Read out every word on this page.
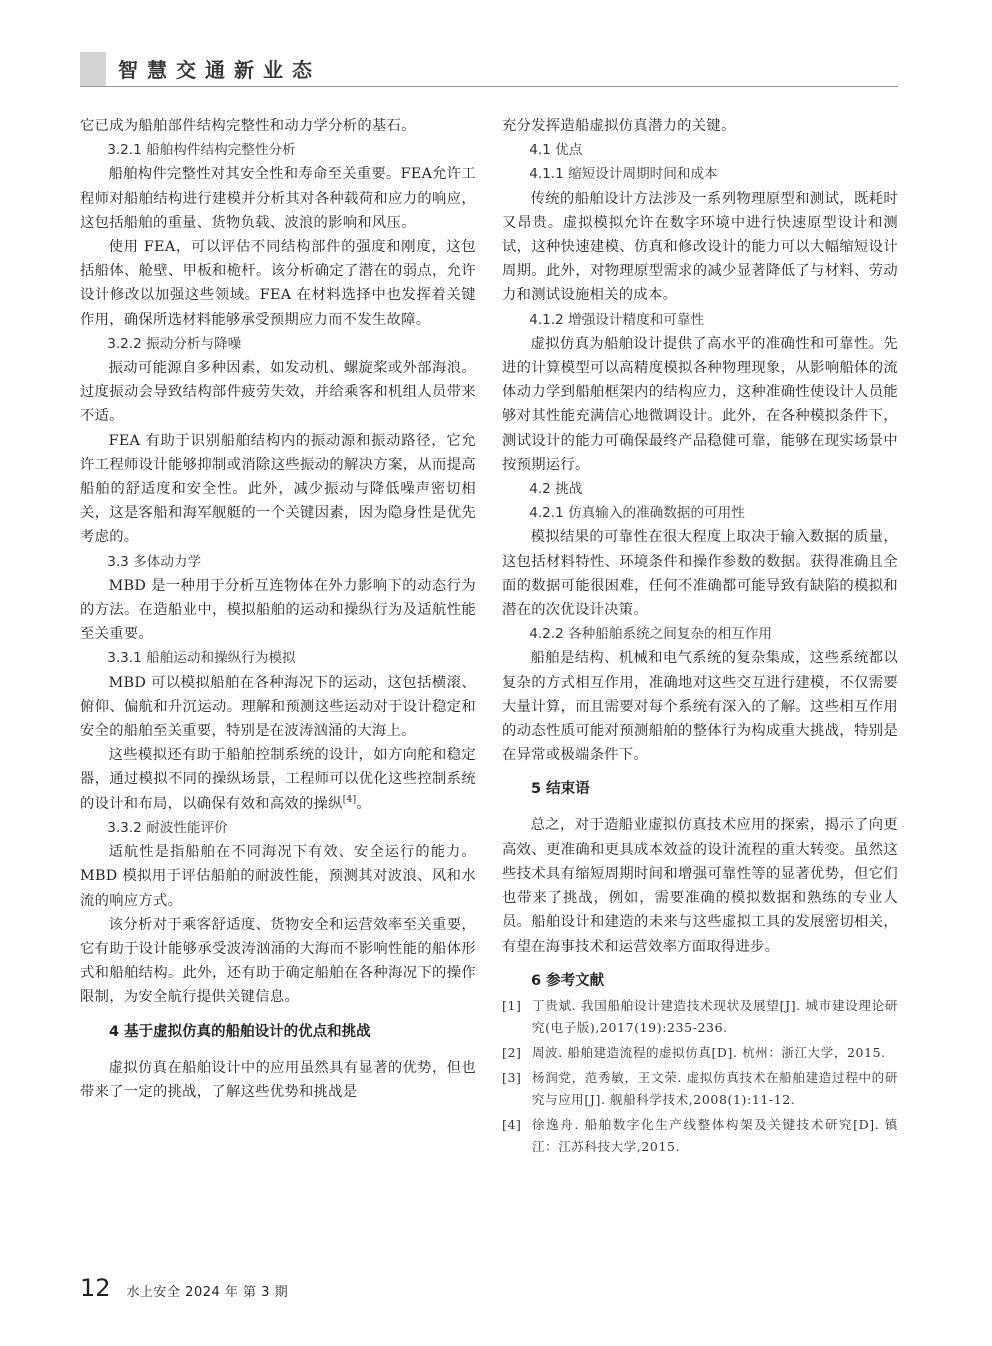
智慧交通新业态

它已成为船舶部件结构完整性和动力学分析的基石。

3.2.1 船舶构件结构完整性分析

船舶构件完整性对其安全性和寿命至关重要。FEA允许工程师对船舶结构进行建模并分析其对各种载荷和应力的响应，这包括船舶的重量、货物负载、波浪的影响和风压。

使用 FEA，可以评估不同结构部件的强度和刚度，这包括船体、舱壁、甲板和桅杆。该分析确定了潜在的弱点，允许设计修改以加强这些领域。FEA 在材料选择中也发挥着关键作用，确保所选材料能够承受预期应力而不发生故障。

3.2.2 振动分析与降噪

振动可能源自多种因素，如发动机、螺旋桨或外部海浪。过度振动会导致结构部件疲劳失效，并给乘客和机组人员带来不适。

FEA 有助于识别船舶结构内的振动源和振动路径，它允许工程师设计能够抑制或消除这些振动的解决方案，从而提高船舶的舒适度和安全性。此外，减少振动与降低噪声密切相关，这是客船和海军舰艇的一个关键因素，因为隐身性是优先考虑的。

3.3 多体动力学

MBD 是一种用于分析互连物体在外力影响下的动态行为的方法。在造船业中，模拟船舶的运动和操纵行为及适航性能至关重要。

3.3.1 船舶运动和操纵行为模拟

MBD 可以模拟船舶在各种海况下的运动，这包括横滚、俯仰、偏航和升沉运动。理解和预测这些运动对于设计稳定和安全的船舶至关重要，特别是在波涛汹涌的大海上。

这些模拟还有助于船舶控制系统的设计，如方向舵和稳定器，通过模拟不同的操纵场景，工程师可以优化这些控制系统的设计和布局，以确保有效和高效的操纵[4]。

3.3.2 耐波性能评价

适航性是指船舶在不同海况下有效、安全运行的能力。MBD 模拟用于评估船舶的耐波性能，预测其对波浪、风和水流的响应方式。

该分析对于乘客舒适度、货物安全和运营效率至关重要，它有助于设计能够承受波涛汹涌的大海而不影响性能的船体形式和船舶结构。此外，还有助于确定船舶在各种海况下的操作限制，为安全航行提供关键信息。

4 基于虚拟仿真的船舶设计的优点和挑战

虚拟仿真在船舶设计中的应用虽然具有显著的优势，但也带来了一定的挑战，了解这些优势和挑战是

充分发挥造船虚拟仿真潜力的关键。

4.1 优点
4.1.1 缩短设计周期时间和成本

传统的船舶设计方法涉及一系列物理原型和测试，既耗时又昂贵。虚拟模拟允许在数字环境中进行快速原型设计和测试，这种快速建模、仿真和修改设计的能力可以大幅缩短设计周期。此外，对物理原型需求的减少显著降低了与材料、劳动力和测试设施相关的成本。

4.1.2 增强设计精度和可靠性

虚拟仿真为船舶设计提供了高水平的准确性和可靠性。先进的计算模型可以高精度模拟各种物理现象，从影响船体的流体动力学到船舶框架内的结构应力，这种准确性使设计人员能够对其性能充满信心地微调设计。此外，在各种模拟条件下，测试设计的能力可确保最终产品稳健可靠，能够在现实场景中按预期运行。

4.2 挑战
4.2.1 仿真输入的准确数据的可用性

模拟结果的可靠性在很大程度上取决于输入数据的质量，这包括材料特性、环境条件和操作参数的数据。获得准确且全面的数据可能很困难，任何不准确都可能导致有缺陷的模拟和潜在的次优设计决策。

4.2.2 各种船舶系统之间复杂的相互作用

船舶是结构、机械和电气系统的复杂集成，这些系统都以复杂的方式相互作用，准确地对这些交互进行建模，不仅需要大量计算，而且需要对每个系统有深入的了解。这些相互作用的动态性质可能对预测船舶的整体行为构成重大挑战，特别是在异常或极端条件下。

5 结束语

总之，对于造船业虚拟仿真技术应用的探索，揭示了向更高效、更准确和更具成本效益的设计流程的重大转变。虽然这些技术具有缩短周期时间和增强可靠性等的显著优势，但它们也带来了挑战，例如，需要准确的模拟数据和熟练的专业人员。船舶设计和建造的未来与这些虚拟工具的发展密切相关，有望在海事技术和运营效率方面取得进步。

6 参考文献
[1] 丁贵斌. 我国船舶设计建造技术现状及展望[J]. 城市建设理论研究(电子版),2017(19):235-236.
[2] 周波. 船舶建造流程的虚拟仿真[D]. 杭州：浙江大学，2015.
[3] 杨润党，范秀敏，王文荣. 虚拟仿真技术在船舶建造过程中的研究与应用[J]. 舰船科学技术,2008(1):11-12.
[4] 徐逸舟. 船舶数字化生产线整体构架及关键技术研究[D]. 镇江：江苏科技大学,2015.
12 水上安全 2024 年 第 3 期
